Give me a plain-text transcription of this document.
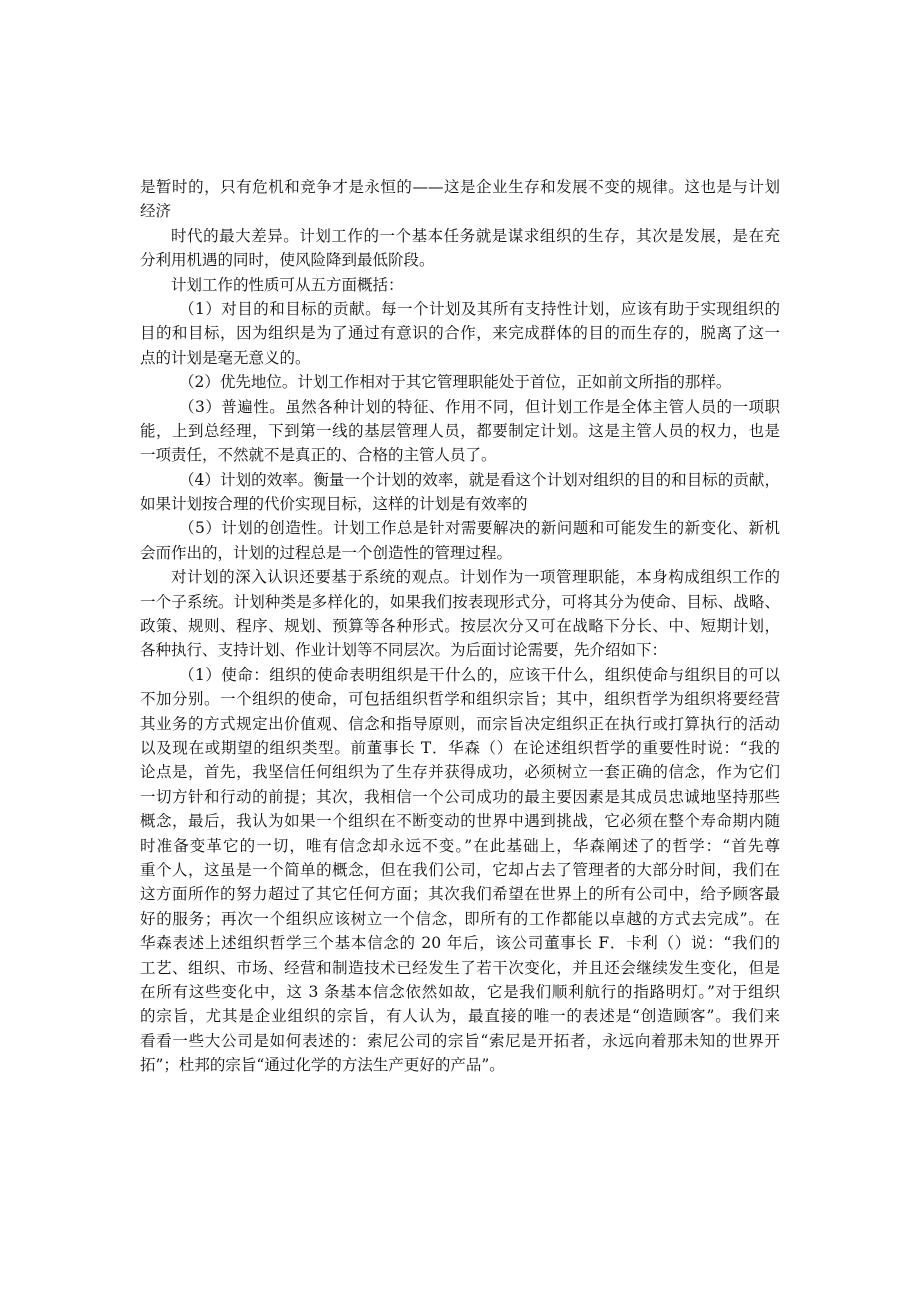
是暂时的，只有危机和竞争才是永恒的——这是企业生存和发展不变的规律。这也是与计划
经济
时代的最大差异。计划工作的一个基本任务就是谋求组织的生存，其次是发展，是在充
分利用机遇的同时，使风险降到最低阶段。
计划工作的性质可从五方面概括：
（1）对目的和目标的贡献。每一个计划及其所有支持性计划，应该有助于实现组织的
目的和目标，因为组织是为了通过有意识的合作，来完成群体的目的而生存的，脱离了这一
点的计划是毫无意义的。
（2）优先地位。计划工作相对于其它管理职能处于首位，正如前文所指的那样。
（3）普遍性。虽然各种计划的特征、作用不同，但计划工作是全体主管人员的一项职
能，上到总经理，下到第一线的基层管理人员，都要制定计划。这是主管人员的权力，也是
一项责任，不然就不是真正的、合格的主管人员了。
（4）计划的效率。衡量一个计划的效率，就是看这个计划对组织的目的和目标的贡献，
如果计划按合理的代价实现目标，这样的计划是有效率的
（5）计划的创造性。计划工作总是针对需要解决的新问题和可能发生的新变化、新机
会而作出的，计划的过程总是一个创造性的管理过程。
对计划的深入认识还要基于系统的观点。计划作为一项管理职能，本身构成组织工作的
一个子系统。计划种类是多样化的，如果我们按表现形式分，可将其分为使命、目标、战略、
政策、规则、程序、规划、预算等各种形式。按层次分又可在战略下分长、中、短期计划，
各种执行、支持计划、作业计划等不同层次。为后面讨论需要，先介绍如下：
（1）使命：组织的使命表明组织是干什么的，应该干什么，组织使命与组织目的可以
不加分别。一个组织的使命，可包括组织哲学和组织宗旨；其中，组织哲学为组织将要经营
其业务的方式规定出价值观、信念和指导原则，而宗旨决定组织正在执行或打算执行的活动
以及现在或期望的组织类型。前董事长 T．华森（）在论述组织哲学的重要性时说：“我的
论点是，首先，我坚信任何组织为了生存并获得成功，必须树立一套正确的信念，作为它们
一切方针和行动的前提；其次，我相信一个公司成功的最主要因素是其成员忠诚地坚持那些
概念，最后，我认为如果一个组织在不断变动的世界中遇到挑战，它必须在整个寿命期内随
时准备变革它的一切，唯有信念却永远不变。”在此基础上，华森阐述了的哲学：“首先尊
重个人，这虽是一个简单的概念，但在我们公司，它却占去了管理者的大部分时间，我们在
这方面所作的努力超过了其它任何方面；其次我们希望在世界上的所有公司中，给予顾客最
好的服务；再次一个组织应该树立一个信念，即所有的工作都能以卓越的方式去完成”。在
华森表述上述组织哲学三个基本信念的 20 年后，该公司董事长 F．卡利（）说：“我们的
工艺、组织、市场、经营和制造技术已经发生了若干次变化，并且还会继续发生变化，但是
在所有这些变化中，这 3 条基本信念依然如故，它是我们顺利航行的指路明灯。”对于组织
的宗旨，尤其是企业组织的宗旨，有人认为，最直接的唯一的表述是“创造顾客”。我们来
看看一些大公司是如何表述的：索尼公司的宗旨“索尼是开拓者，永远向着那未知的世界开
拓”；杜邦的宗旨“通过化学的方法生产更好的产品”。
